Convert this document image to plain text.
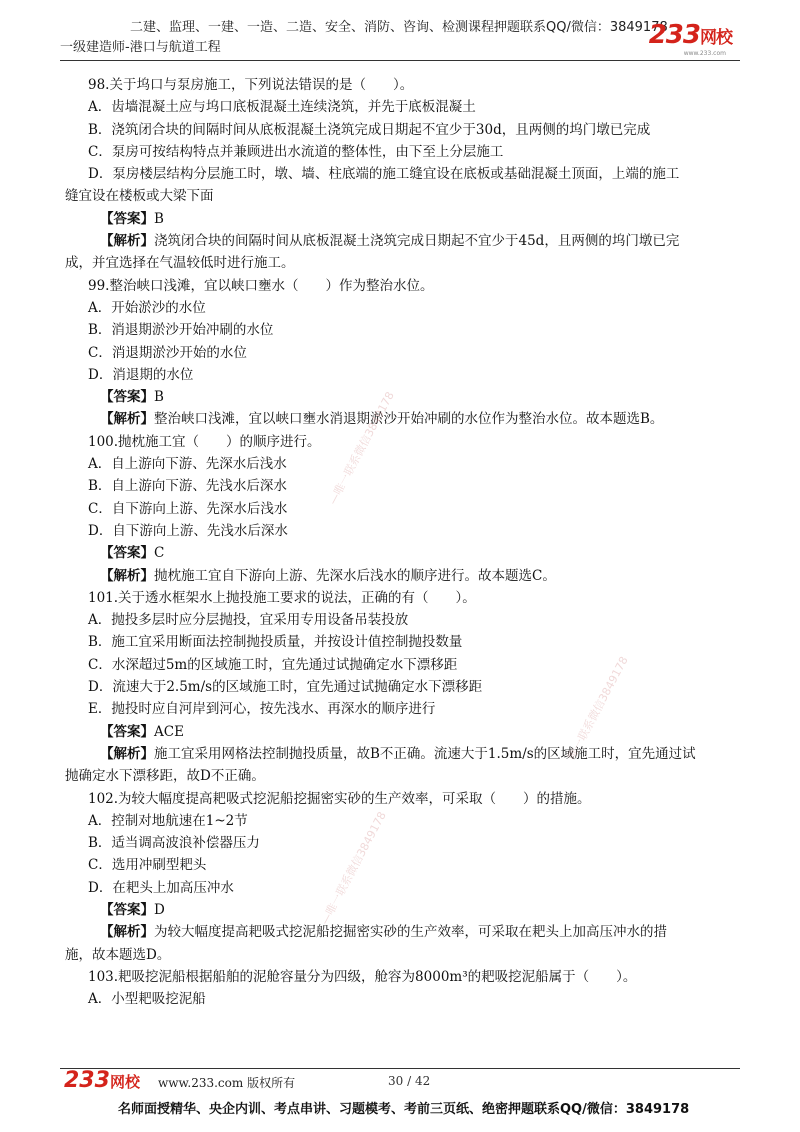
二建、监理、一建、一造、二造、安全、消防、咨询、检测课程押题联系QQ/微信：3849178
一级建造师-港口与航道工程	233网校
www.233.com
98.关于坞口与泵房施工，下列说法错误的是（　　）。
A．齿墙混凝土应与坞口底板混凝土连续浇筑，并先于底板混凝土
B．浇筑闭合块的间隔时间从底板混凝土浇筑完成日期起不宜少于30d，且两侧的坞门墩已完成
C．泵房可按结构特点并兼顾进出水流道的整体性，由下至上分层施工
D．泵房楼层结构分层施工时，墩、墙、柱底端的施工缝宜设在底板或基础混凝土顶面，上端的施工
缝宜设在楼板或大梁下面
【答案】B
【解析】浇筑闭合块的间隔时间从底板混凝土浇筑完成日期起不宜少于45d，且两侧的坞门墩已完
成，并宜选择在气温较低时进行施工。
99.整治峡口浅滩，宜以峡口壅水（　　）作为整治水位。
A．开始淤沙的水位
B．消退期淤沙开始冲刷的水位
C．消退期淤沙开始的水位
D．消退期的水位
【答案】B
【解析】整治峡口浅滩，宜以峡口壅水消退期淤沙开始冲刷的水位作为整治水位。故本题选B。
100.抛枕施工宜（　　）的顺序进行。
A．自上游向下游、先深水后浅水
B．自上游向下游、先浅水后深水
C．自下游向上游、先深水后浅水
D．自下游向上游、先浅水后深水
【答案】C
【解析】抛枕施工宜自下游向上游、先深水后浅水的顺序进行。故本题选C。
101.关于透水框架水上抛投施工要求的说法，正确的有（　　）。
A．抛投多层时应分层抛投，宜采用专用设备吊装投放
B．施工宜采用断面法控制抛投质量，并按设计值控制抛投数量
C．水深超过5m的区域施工时，宜先通过试抛确定水下漂移距
D．流速大于2.5m/s的区域施工时，宜先通过试抛确定水下漂移距
E．抛投时应自河岸到河心，按先浅水、再深水的顺序进行
【答案】ACE
【解析】施工宜采用网格法控制抛投质量，故B不正确。流速大于1.5m/s的区域施工时，宜先通过试
抛确定水下漂移距，故D不正确。
102.为较大幅度提高耙吸式挖泥船挖掘密实砂的生产效率，可采取（　　）的措施。
A．控制对地航速在1~2节
B．适当调高波浪补偿器压力
C．选用冲刷型耙头
D．在耙头上加高压冲水
【答案】D
【解析】为较大幅度提高耙吸式挖泥船挖掘密实砂的生产效率，可采取在耙头上加高压冲水的措
施，故本题选D。
103.耙吸挖泥船根据船舶的泥舱容量分为四级，舱容为8000m³的耙吸挖泥船属于（　　）。
A．小型耙吸挖泥船
—唯一联系微信3849178
唯一联系微信3849178
—唯一联系微信3849178
233网校 www.233.com 版权所有	30 / 42
名师面授精华、央企内训、考点串讲、习题模考、考前三页纸、绝密押题联系QQ/微信：3849178
